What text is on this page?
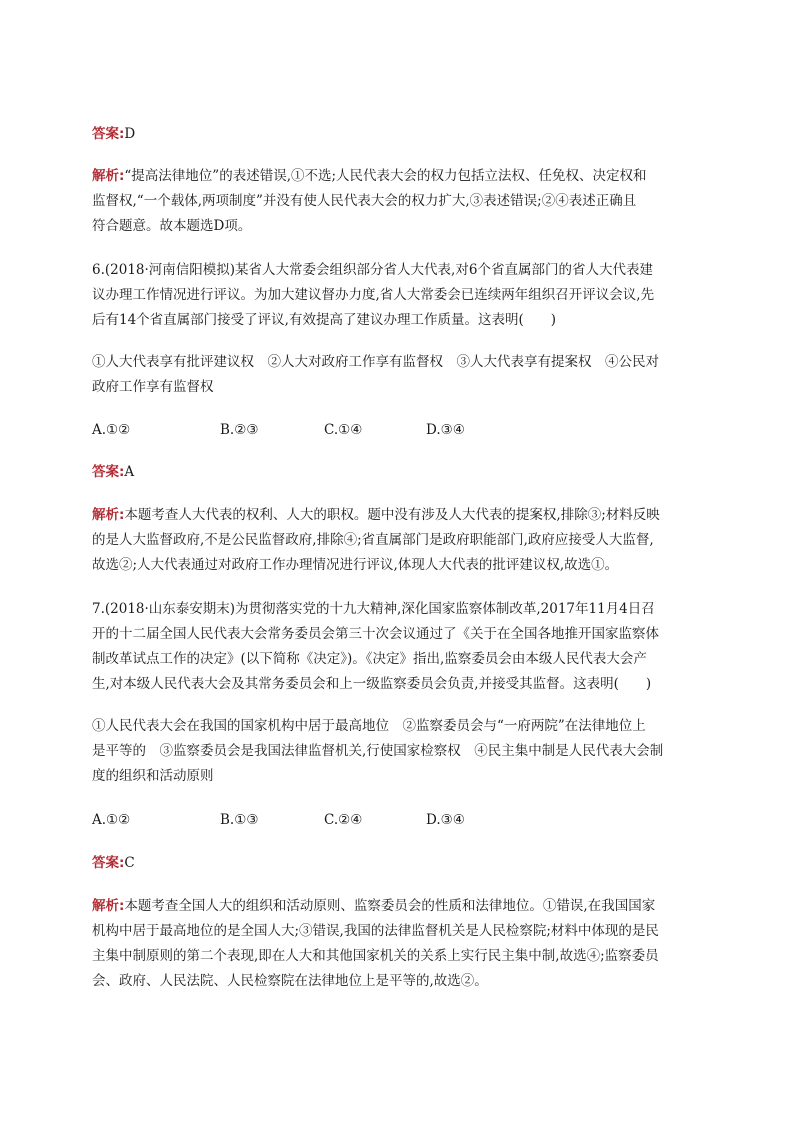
答案:D
解析:“提高法律地位”的表述错误,①不选;人民代表大会的权力包括立法权、任免权、决定权和
监督权,“一个载体,两项制度”并没有使人民代表大会的权力扩大,③表述错误;②④表述正确且
符合题意。故本题选D项。
6.(2018·河南信阳模拟)某省人大常委会组织部分省人大代表,对6个省直属部门的省人大代表建
议办理工作情况进行评议。为加大建议督办力度,省人大常委会已连续两年组织召开评议会议,先
后有14个省直属部门接受了评议,有效提高了建议办理工作质量。这表明(　　)
①人大代表享有批评建议权　②人大对政府工作享有监督权　③人大代表享有提案权　④公民对
政府工作享有监督权
A.①②	B.②③	C.①④	D.③④
答案:A
解析:本题考查人大代表的权利、人大的职权。题中没有涉及人大代表的提案权,排除③;材料反映
的是人大监督政府,不是公民监督政府,排除④;省直属部门是政府职能部门,政府应接受人大监督,
故选②;人大代表通过对政府工作办理情况进行评议,体现人大代表的批评建议权,故选①。
7.(2018·山东泰安期末)为贯彻落实党的十九大精神,深化国家监察体制改革,2017年11月4日召
开的十二届全国人民代表大会常务委员会第三十次会议通过了《关于在全国各地推开国家监察体
制改革试点工作的决定》(以下简称《决定》)。《决定》指出,监察委员会由本级人民代表大会产
生,对本级人民代表大会及其常务委员会和上一级监察委员会负责,并接受其监督。这表明(　　)
①人民代表大会在我国的国家机构中居于最高地位　②监察委员会与“一府两院”在法律地位上
是平等的　③监察委员会是我国法律监督机关,行使国家检察权　④民主集中制是人民代表大会制
度的组织和活动原则
A.①②	B.①③	C.②④	D.③④
答案:C
解析:本题考查全国人大的组织和活动原则、监察委员会的性质和法律地位。①错误,在我国国家
机构中居于最高地位的是全国人大;③错误,我国的法律监督机关是人民检察院;材料中体现的是民
主集中制原则的第二个表现,即在人大和其他国家机关的关系上实行民主集中制,故选④;监察委员
会、政府、人民法院、人民检察院在法律地位上是平等的,故选②。
